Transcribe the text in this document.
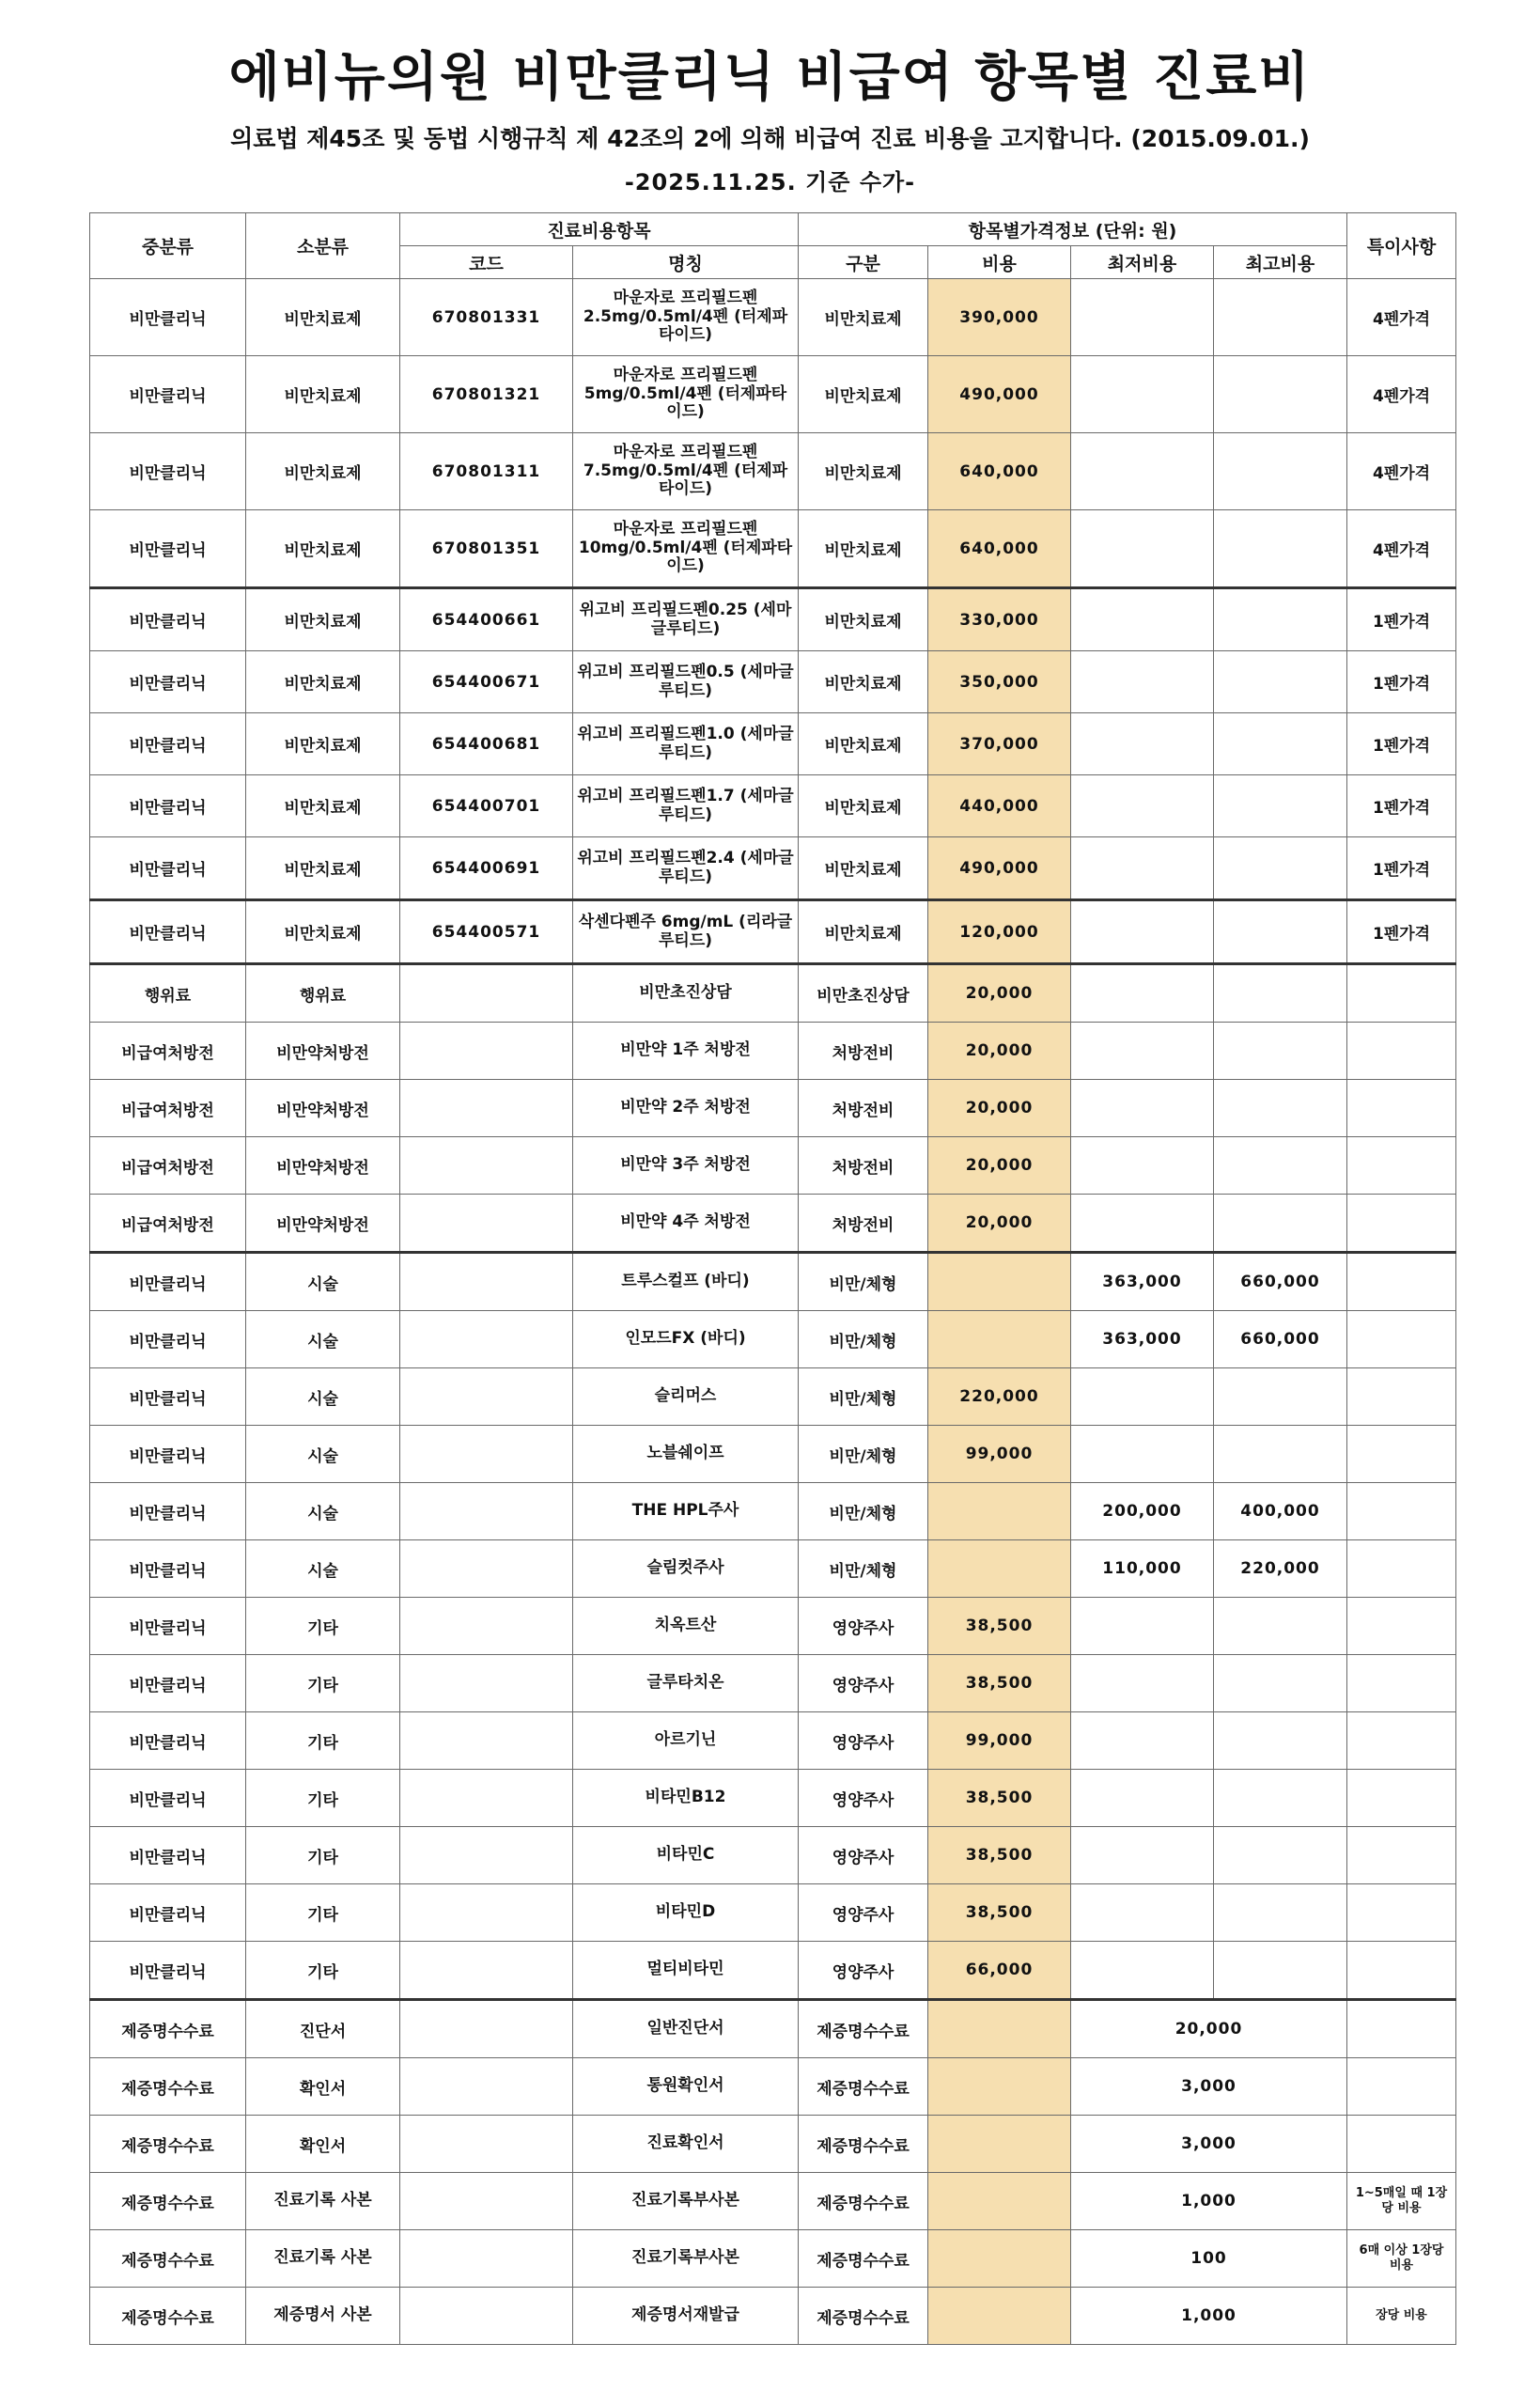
에비뉴의원 비만클리닉 비급여 항목별 진료비
의료법 제45조 및 동법 시행규칙 제 42조의 2에 의해 비급여 진료 비용을 고지합니다. (2015.09.01.)
-2025.11.25. 기준 수가-
중분류	소분류	진료비용항목		항목별가격정보 (단위: 원)				특이사항
		코드	명칭	구분	비용	최저비용	최고비용	
비만클리닉	비만치료제	670801331	마운자로 프리필드펜 2.5mg/0.5ml/4펜 (터제파타이드)	비만치료제	390,000			4펜가격
비만클리닉	비만치료제	670801321	마운자로 프리필드펜 5mg/0.5ml/4펜 (터제파타이드)	비만치료제	490,000			4펜가격
비만클리닉	비만치료제	670801311	마운자로 프리필드펜 7.5mg/0.5ml/4펜 (터제파타이드)	비만치료제	640,000			4펜가격
비만클리닉	비만치료제	670801351	마운자로 프리필드펜 10mg/0.5ml/4펜 (터제파타이드)	비만치료제	640,000			4펜가격
비만클리닉	비만치료제	654400661	위고비 프리필드펜0.25 (세마글루티드)	비만치료제	330,000			1펜가격
비만클리닉	비만치료제	654400671	위고비 프리필드펜0.5 (세마글루티드)	비만치료제	350,000			1펜가격
비만클리닉	비만치료제	654400681	위고비 프리필드펜1.0 (세마글루티드)	비만치료제	370,000			1펜가격
비만클리닉	비만치료제	654400701	위고비 프리필드펜1.7 (세마글루티드)	비만치료제	440,000			1펜가격
비만클리닉	비만치료제	654400691	위고비 프리필드펜2.4 (세마글루티드)	비만치료제	490,000			1펜가격
비만클리닉	비만치료제	654400571	삭센다펜주 6mg/mL (리라글루티드)	비만치료제	120,000			1펜가격
행위료	행위료		비만초진상담	비만초진상담	20,000			
비급여처방전	비만약처방전		비만약 1주 처방전	처방전비	20,000			
비급여처방전	비만약처방전		비만약 2주 처방전	처방전비	20,000			
비급여처방전	비만약처방전		비만약 3주 처방전	처방전비	20,000			
비급여처방전	비만약처방전		비만약 4주 처방전	처방전비	20,000			
비만클리닉	시술		트루스컬프 (바디)	비만/체형		363,000	660,000	
비만클리닉	시술		인모드FX (바디)	비만/체형		363,000	660,000	
비만클리닉	시술		슬리머스	비만/체형	220,000			
비만클리닉	시술		노블쉐이프	비만/체형	99,000			
비만클리닉	시술		THE HPL주사	비만/체형		200,000	400,000	
비만클리닉	시술		슬림컷주사	비만/체형		110,000	220,000	
비만클리닉	기타		치옥트산	영양주사	38,500			
비만클리닉	기타		글루타치온	영양주사	38,500			
비만클리닉	기타		아르기닌	영양주사	99,000			
비만클리닉	기타		비타민B12	영양주사	38,500			
비만클리닉	기타		비타민C	영양주사	38,500			
비만클리닉	기타		비타민D	영양주사	38,500			
비만클리닉	기타		멀티비타민	영양주사	66,000			
제증명수수료	진단서		일반진단서	제증명수수료		20,000		
제증명수수료	확인서		통원확인서	제증명수수료		3,000		
제증명수수료	확인서		진료확인서	제증명수수료		3,000		
제증명수수료	진료기록 사본		진료기록부사본	제증명수수료		1,000		1~5매일 때 1장당 비용
제증명수수료	진료기록 사본		진료기록부사본	제증명수수료		100		6매 이상 1장당 비용
제증명수수료	제증명서 사본		제증명서재발급	제증명수수료		1,000		장당 비용
